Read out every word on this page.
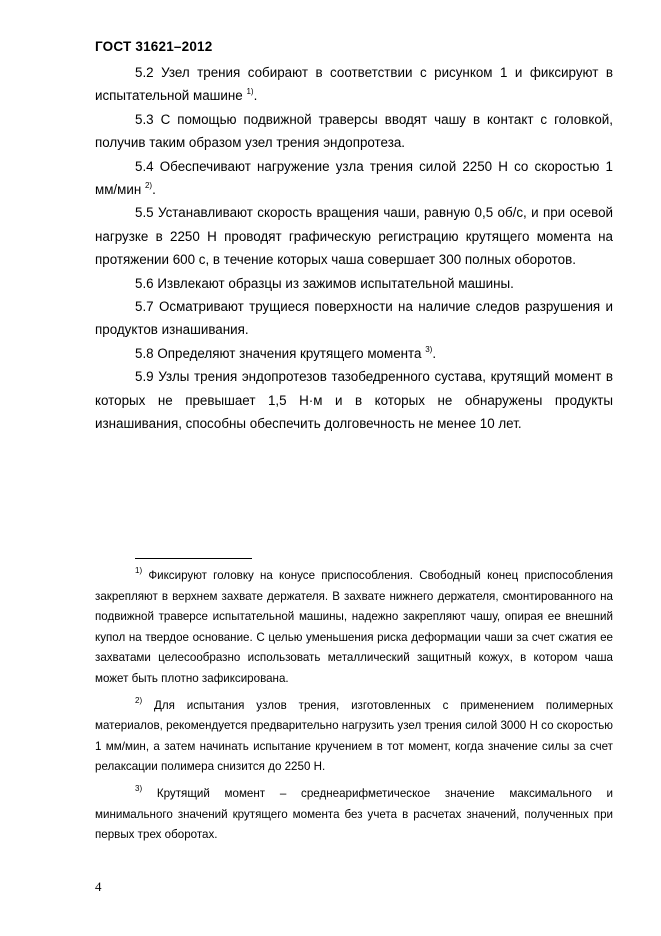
ГОСТ 31621–2012

5.2 Узел трения собирают в соответствии с рисунком 1 и фиксируют в испытательной машине $^{1)}$.

5.3 С помощью подвижной траверсы вводят чашу в контакт с головкой, получив таким образом узел трения эндопротеза.

5.4 Обеспечивают нагружение узла трения силой 2250 Н со скоростью 1 мм/мин $^{2)}$.

5.5 Устанавливают скорость вращения чаши, равную 0,5 об/с, и при осевой нагрузке в 2250 Н проводят графическую регистрацию крутящего момента на протяжении 600 с, в течение которых чаша совершает 300 полных оборотов.

5.6 Извлекают образцы из зажимов испытательной машины.

5.7 Осматривают трущиеся поверхности на наличие следов разрушения и продуктов изнашивания.

5.8 Определяют значения крутящего момента $^{3)}$.

5.9 Узлы трения эндопротезов тазобедренного сустава, крутящий момент в которых не превышает 1,5 Н·м и в которых не обнаружены продукты изнашивания, способны обеспечить долговечность не менее 10 лет.

$^{1)}$ Фиксируют головку на конусе приспособления. Свободный конец приспособления закрепляют в верхнем захвате держателя. В захвате нижнего держателя, смонтированного на подвижной траверсе испытательной машины, надежно закрепляют чашу, опирая ее внешний купол на твердое основание. С целью уменьшения риска деформации чаши за счет сжатия ее захватами целесообразно использовать металлический защитный кожух, в котором чаша может быть плотно зафиксирована.

$^{2)}$ Для испытания узлов трения, изготовленных с применением полимерных материалов, рекомендуется предварительно нагрузить узел трения силой 3000 Н со скоростью 1 мм/мин, а затем начинать испытание кручением в тот момент, когда значение силы за счет релаксации полимера снизится до 2250 Н.

$^{3)}$ Крутящий момент – среднеарифметическое значение максимального и минимального значений крутящего момента без учета в расчетах значений, полученных при первых трех оборотах.

4
